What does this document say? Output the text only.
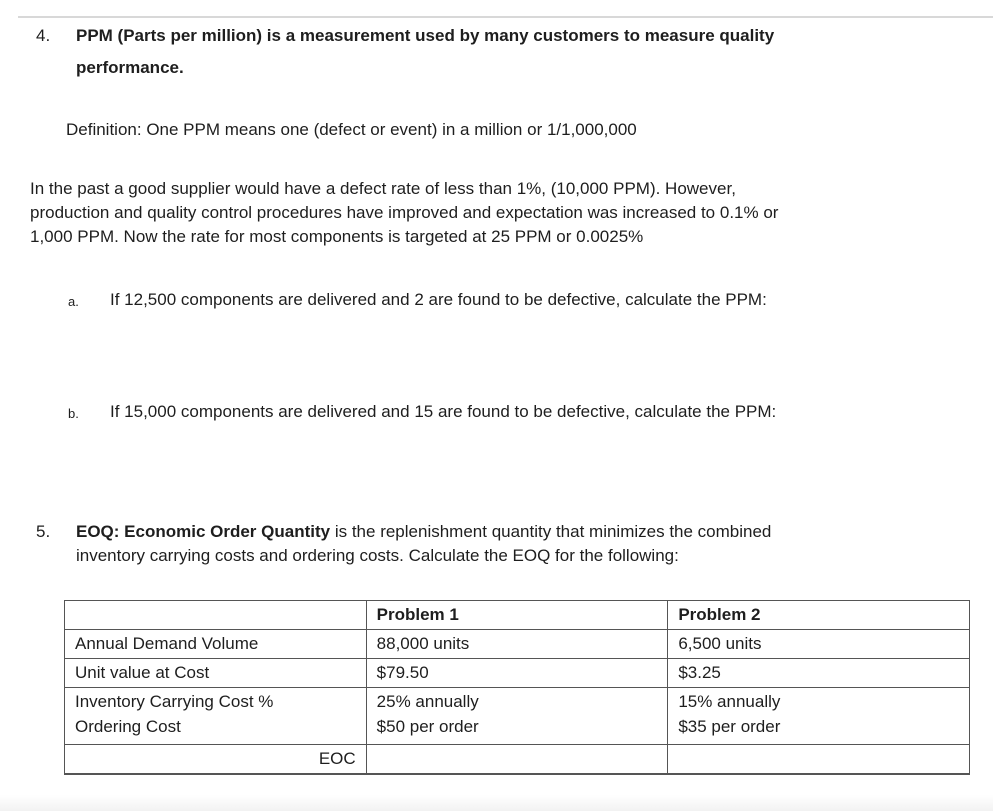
4. PPM (Parts per million) is a measurement used by many customers to measure quality
performance.
Definition: One PPM means one (defect or event) in a million or 1/1,000,000
In the past a good supplier would have a defect rate of less than 1%, (10,000 PPM). However,
production and quality control procedures have improved and expectation was increased to 0.1% or
1,000 PPM. Now the rate for most components is targeted at 25 PPM or 0.0025%
a. If 12,500 components are delivered and 2 are found to be defective, calculate the PPM:
b. If 15,000 components are delivered and 15 are found to be defective, calculate the PPM:
5. EOQ: Economic Order Quantity is the replenishment quantity that minimizes the combined
inventory carrying costs and ordering costs. Calculate the EOQ for the following:
	Problem 1	Problem 2
Annual Demand Volume	88,000 units	6,500 units
Unit value at Cost	$79.50	$3.25
Inventory Carrying Cost %	25% annually	15% annually
Ordering Cost	$50 per order	$35 per order
EOC		
